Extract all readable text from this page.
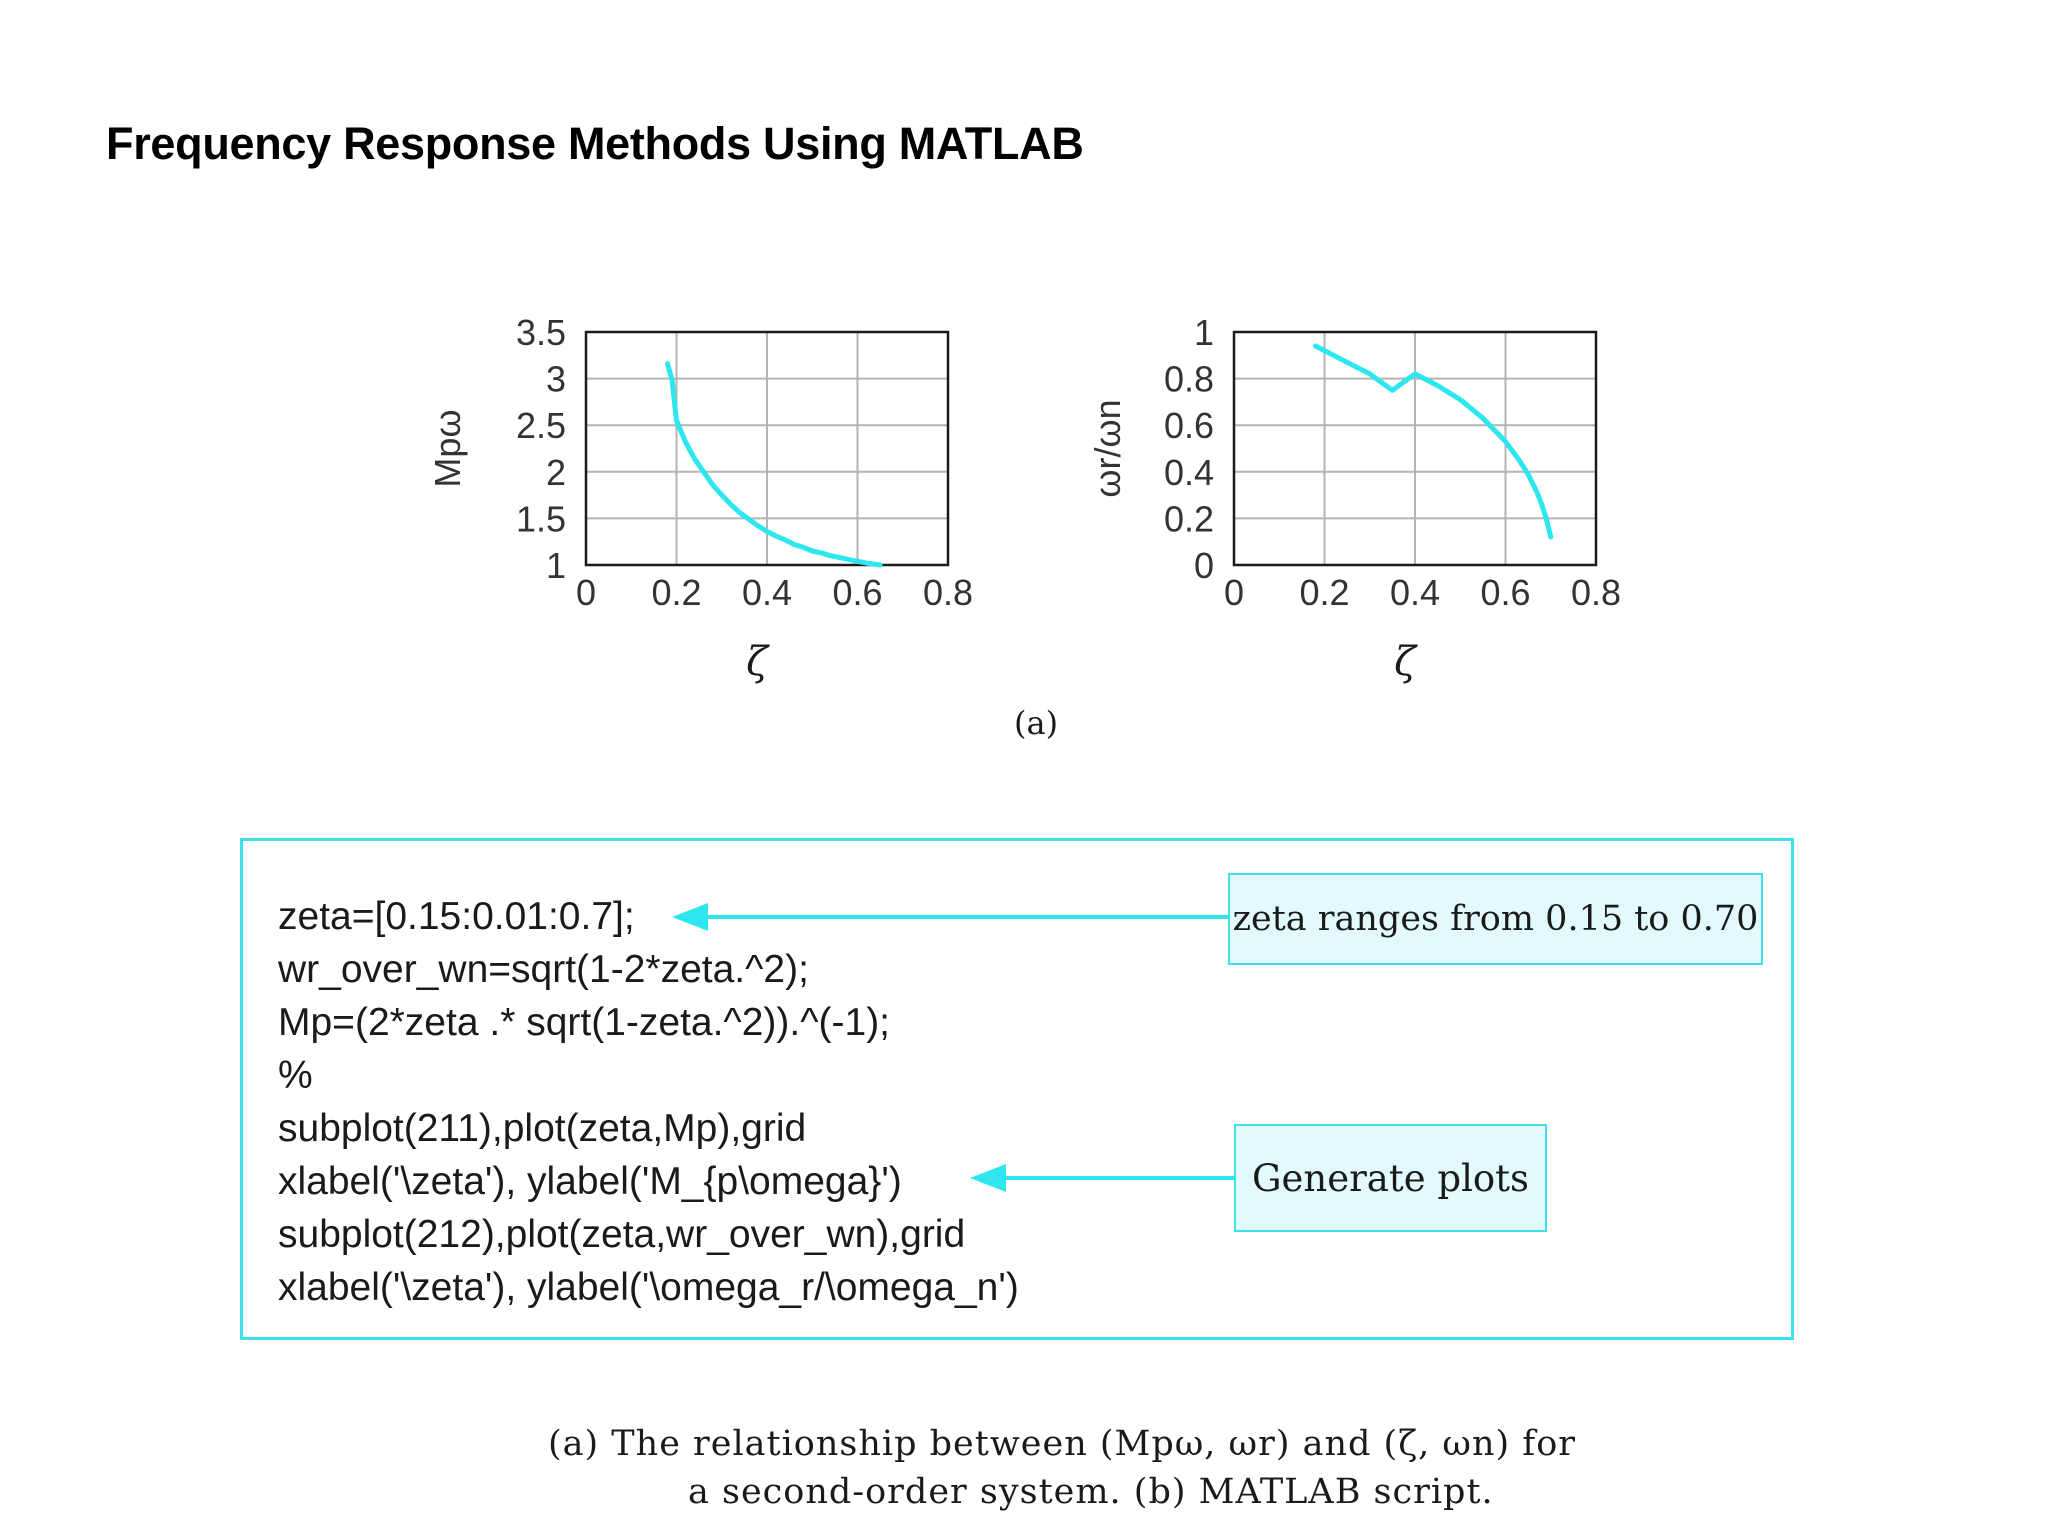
Frequency Response Methods Using MATLAB
0 0.2 0.4 0.6 0.8
1
1.5
2
2.5
3
3.5
ζ
Mpω
0 0.2 0.4 0.6 0.8
0
0.2
0.4
0.6
0.8
1
ζ
ωr/ωn
(a)
zeta=[0.15:0.01:0.7];
wr_over_wn=sqrt(1-2*zeta.^2);
Mp=(2*zeta .* sqrt(1-zeta.^2)).^(-1);
%
subplot(211),plot(zeta,Mp),grid
xlabel('\zeta'), ylabel('M_{p\omega}')
subplot(212),plot(zeta,wr_over_wn),grid
xlabel('\zeta'), ylabel('\omega_r/\omega_n')
zeta ranges from 0.15 to 0.70
Generate plots
(a) The relationship between (Mpω, ωr) and (ζ, ωn) for
a second-order system. (b) MATLAB script.
